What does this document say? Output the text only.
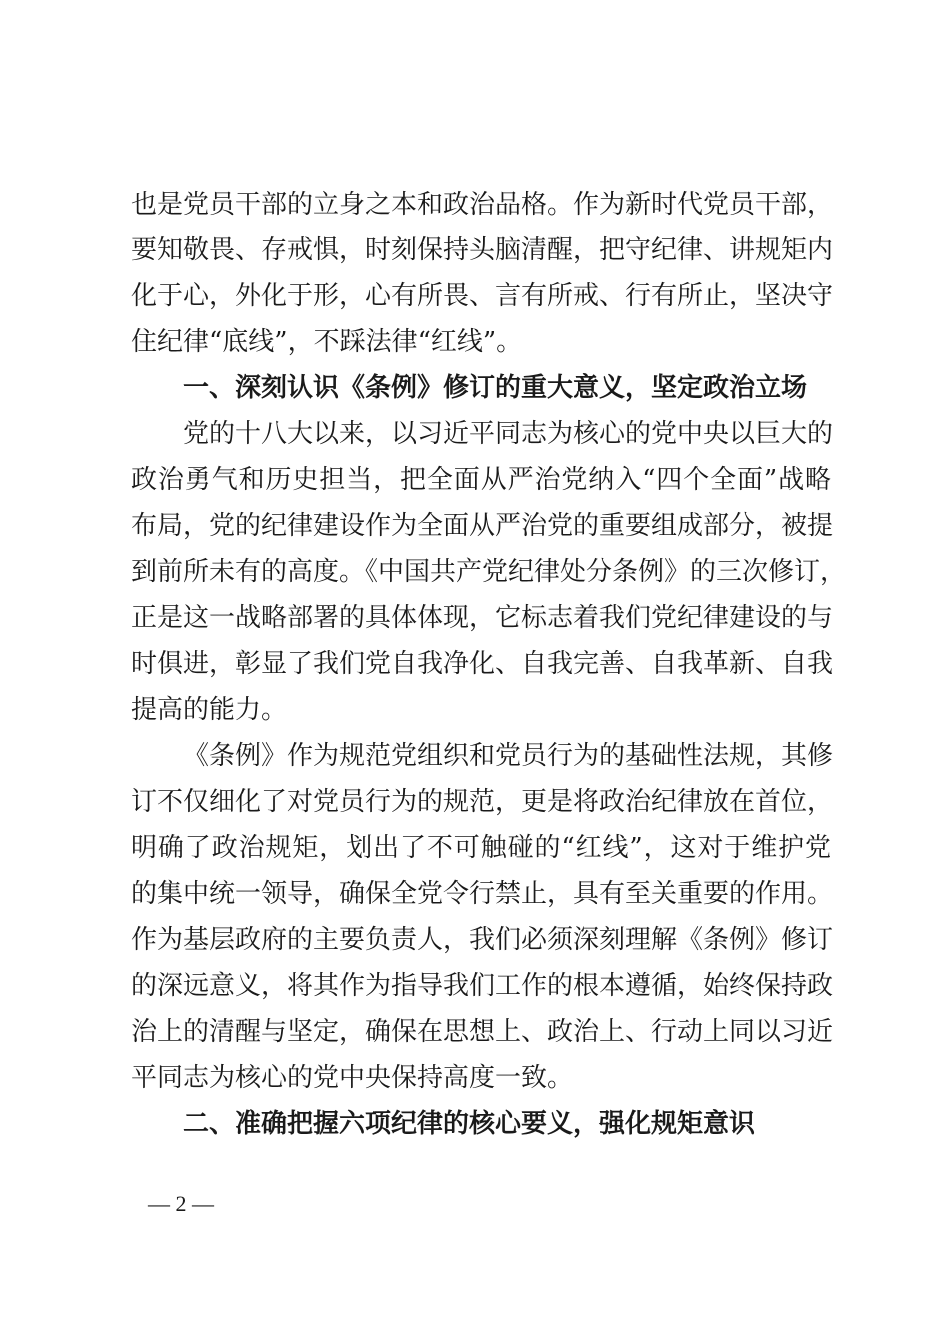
也是党员干部的立身之本和政治品格。作为新时代党员干部，
要知敬畏、存戒惧，时刻保持头脑清醒，把守纪律、讲规矩内
化于心，外化于形，心有所畏、言有所戒、行有所止，坚决守
住纪律“底线”，不踩法律“红线”。
一、深刻认识《条例》修订的重大意义，坚定政治立场
党的十八大以来，以习近平同志为核心的党中央以巨大的
政治勇气和历史担当，把全面从严治党纳入“四个全面”战略
布局，党的纪律建设作为全面从严治党的重要组成部分，被提
到前所未有的高度。《中国共产党纪律处分条例》的三次修订，
正是这一战略部署的具体体现，它标志着我们党纪律建设的与
时俱进，彰显了我们党自我净化、自我完善、自我革新、自我
提高的能力。
《条例》作为规范党组织和党员行为的基础性法规，其修
订不仅细化了对党员行为的规范，更是将政治纪律放在首位，
明确了政治规矩，划出了不可触碰的“红线”，这对于维护党
的集中统一领导，确保全党令行禁止，具有至关重要的作用。
作为基层政府的主要负责人，我们必须深刻理解《条例》修订
的深远意义，将其作为指导我们工作的根本遵循，始终保持政
治上的清醒与坚定，确保在思想上、政治上、行动上同以习近
平同志为核心的党中央保持高度一致。
二、准确把握六项纪律的核心要义，强化规矩意识
— 2 —
